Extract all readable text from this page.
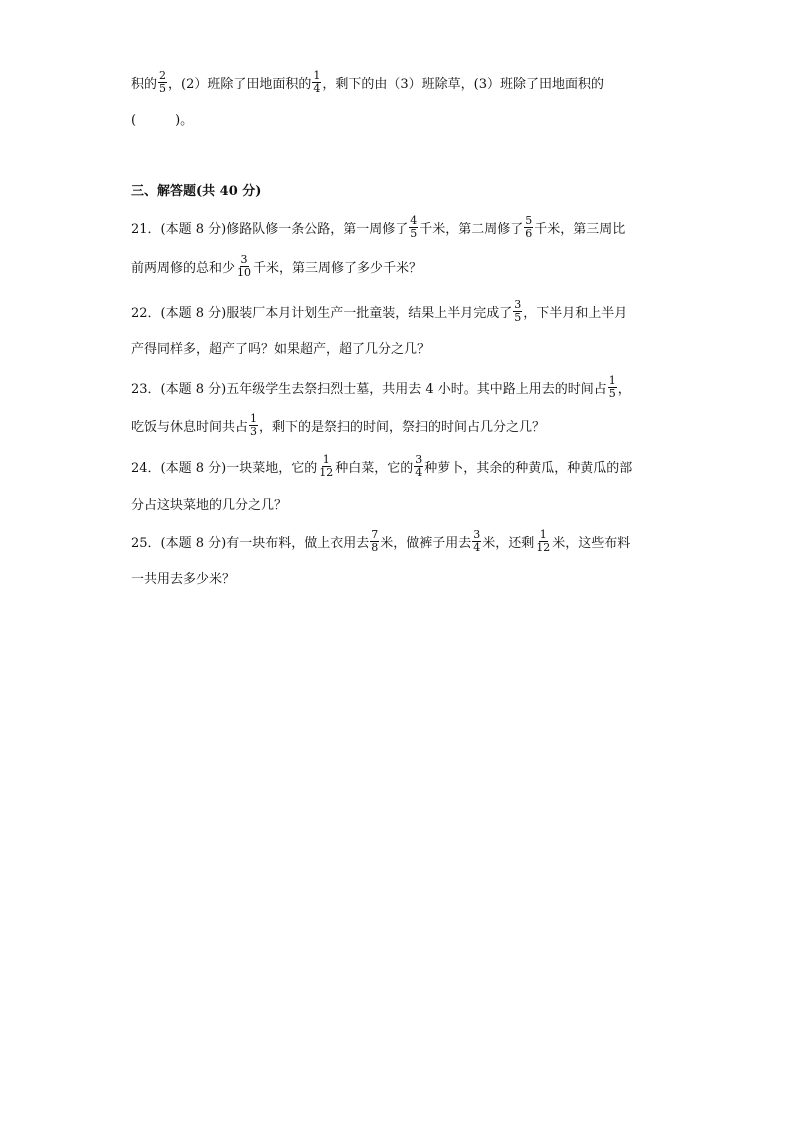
积的 $\frac{2}{5}$ ，(2）班除了田地面积的 $\frac{1}{4}$ ，剩下的由（3）班除草，(3）班除了田地面积的
(　　　)。
三、解答题(共 40 分)
21．(本题 8 分)修路队修一条公路，第一周修了 $\frac{4}{5}$ 千米，第二周修了 $\frac{5}{6}$ 千米，第三周比
前两周修的总和少 $\frac{3}{10}$ 千米，第三周修了多少千米？
22．(本题 8 分)服装厂本月计划生产一批童装，结果上半月完成了 $\frac{3}{5}$ ，下半月和上半月
产得同样多，超产了吗？如果超产，超了几分之几？
23．(本题 8 分)五年级学生去祭扫烈士墓，共用去 4 小时。其中路上用去的时间占 $\frac{1}{5}$ ，
吃饭与休息时间共占 $\frac{1}{3}$ ，剩下的是祭扫的时间，祭扫的时间占几分之几？
24．(本题 8 分)一块菜地，它的 $\frac{1}{12}$ 种白菜，它的 $\frac{3}{4}$ 种萝卜，其余的种黄瓜，种黄瓜的部
分占这块菜地的几分之几？
25．(本题 8 分)有一块布料，做上衣用去 $\frac{7}{8}$ 米，做裤子用去 $\frac{3}{4}$ 米，还剩 $\frac{1}{12}$ 米，这些布料
一共用去多少米？
